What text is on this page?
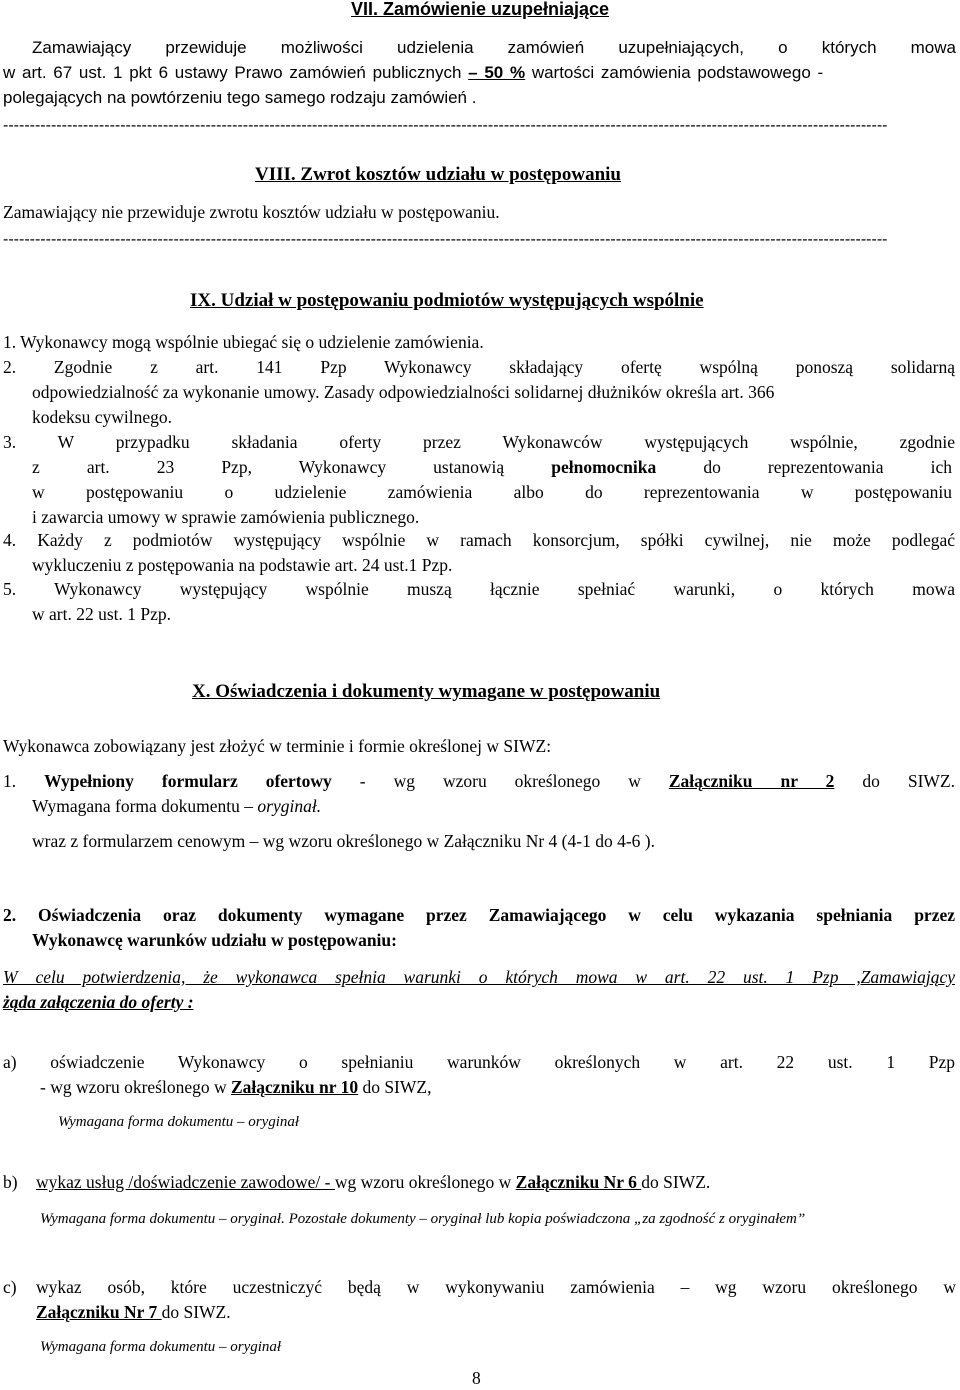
VII. Zamówienie uzupełniające
Zamawiający przewiduje możliwości udzielenia zamówień uzupełniających, o których mowa
w art. 67 ust. 1 pkt 6 ustawy Prawo zamówień publicznych – 50 % wartości zamówienia podstawowego -
polegających na powtórzeniu tego samego rodzaju zamówień .
----------------------------------------------------------------------------------------------------------------------------------------------------------------------
VIII. Zwrot kosztów udziału w postępowaniu
Zamawiający nie przewiduje zwrotu kosztów udziału w postępowaniu.
----------------------------------------------------------------------------------------------------------------------------------------------------------------------
IX. Udział w postępowaniu podmiotów występujących wspólnie
1. Wykonawcy mogą wspólnie ubiegać się o udzielenie zamówienia.
2. Zgodnie z art. 141 Pzp Wykonawcy składający ofertę wspólną ponoszą solidarną
odpowiedzialność za wykonanie umowy. Zasady odpowiedzialności solidarnej dłużników określa art. 366
kodeksu cywilnego.
3. W przypadku składania oferty przez Wykonawców występujących wspólnie, zgodnie
z art. 23 Pzp, Wykonawcy ustanowią pełnomocnika do reprezentowania ich
w postępowaniu o udzielenie zamówienia albo do reprezentowania w postępowaniu
i zawarcia umowy w sprawie zamówienia publicznego.
4. Każdy z podmiotów występujący wspólnie w ramach konsorcjum, spółki cywilnej, nie może podlegać
wykluczeniu z postępowania na podstawie art. 24 ust.1 Pzp.
5. Wykonawcy występujący wspólnie muszą łącznie spełniać warunki, o których mowa
w art. 22 ust. 1 Pzp.
X. Oświadczenia i dokumenty wymagane w postępowaniu
Wykonawca zobowiązany jest złożyć w terminie i formie określonej w SIWZ:
1. Wypełniony formularz ofertowy - wg wzoru określonego w Załączniku nr 2 do SIWZ.
Wymagana forma dokumentu – oryginał.
wraz z formularzem cenowym – wg wzoru określonego w Załączniku Nr 4 (4-1 do 4-6 ).
2. Oświadczenia oraz dokumenty wymagane przez Zamawiającego w celu wykazania spełniania przez
Wykonawcę warunków udziału w postępowaniu:
W celu potwierdzenia, że wykonawca spełnia warunki o których mowa w art. 22 ust. 1 Pzp ,Zamawiający
żąda załączenia do oferty :
a) oświadczenie Wykonawcy o spełnianiu warunków określonych w art. 22 ust. 1 Pzp
- wg wzoru określonego w Załączniku nr 10 do SIWZ,
Wymagana forma dokumentu – oryginał
b) wykaz usług /doświadczenie zawodowe/ - wg wzoru określonego w Załączniku Nr 6 do SIWZ.
Wymagana forma dokumentu – oryginał. Pozostałe dokumenty – oryginał lub kopia poświadczona „za zgodność z oryginałem”
c) wykaz osób, które uczestniczyć będą w wykonywaniu zamówienia – wg wzoru określonego w
Załączniku Nr 7 do SIWZ.
Wymagana forma dokumentu – oryginał
8
